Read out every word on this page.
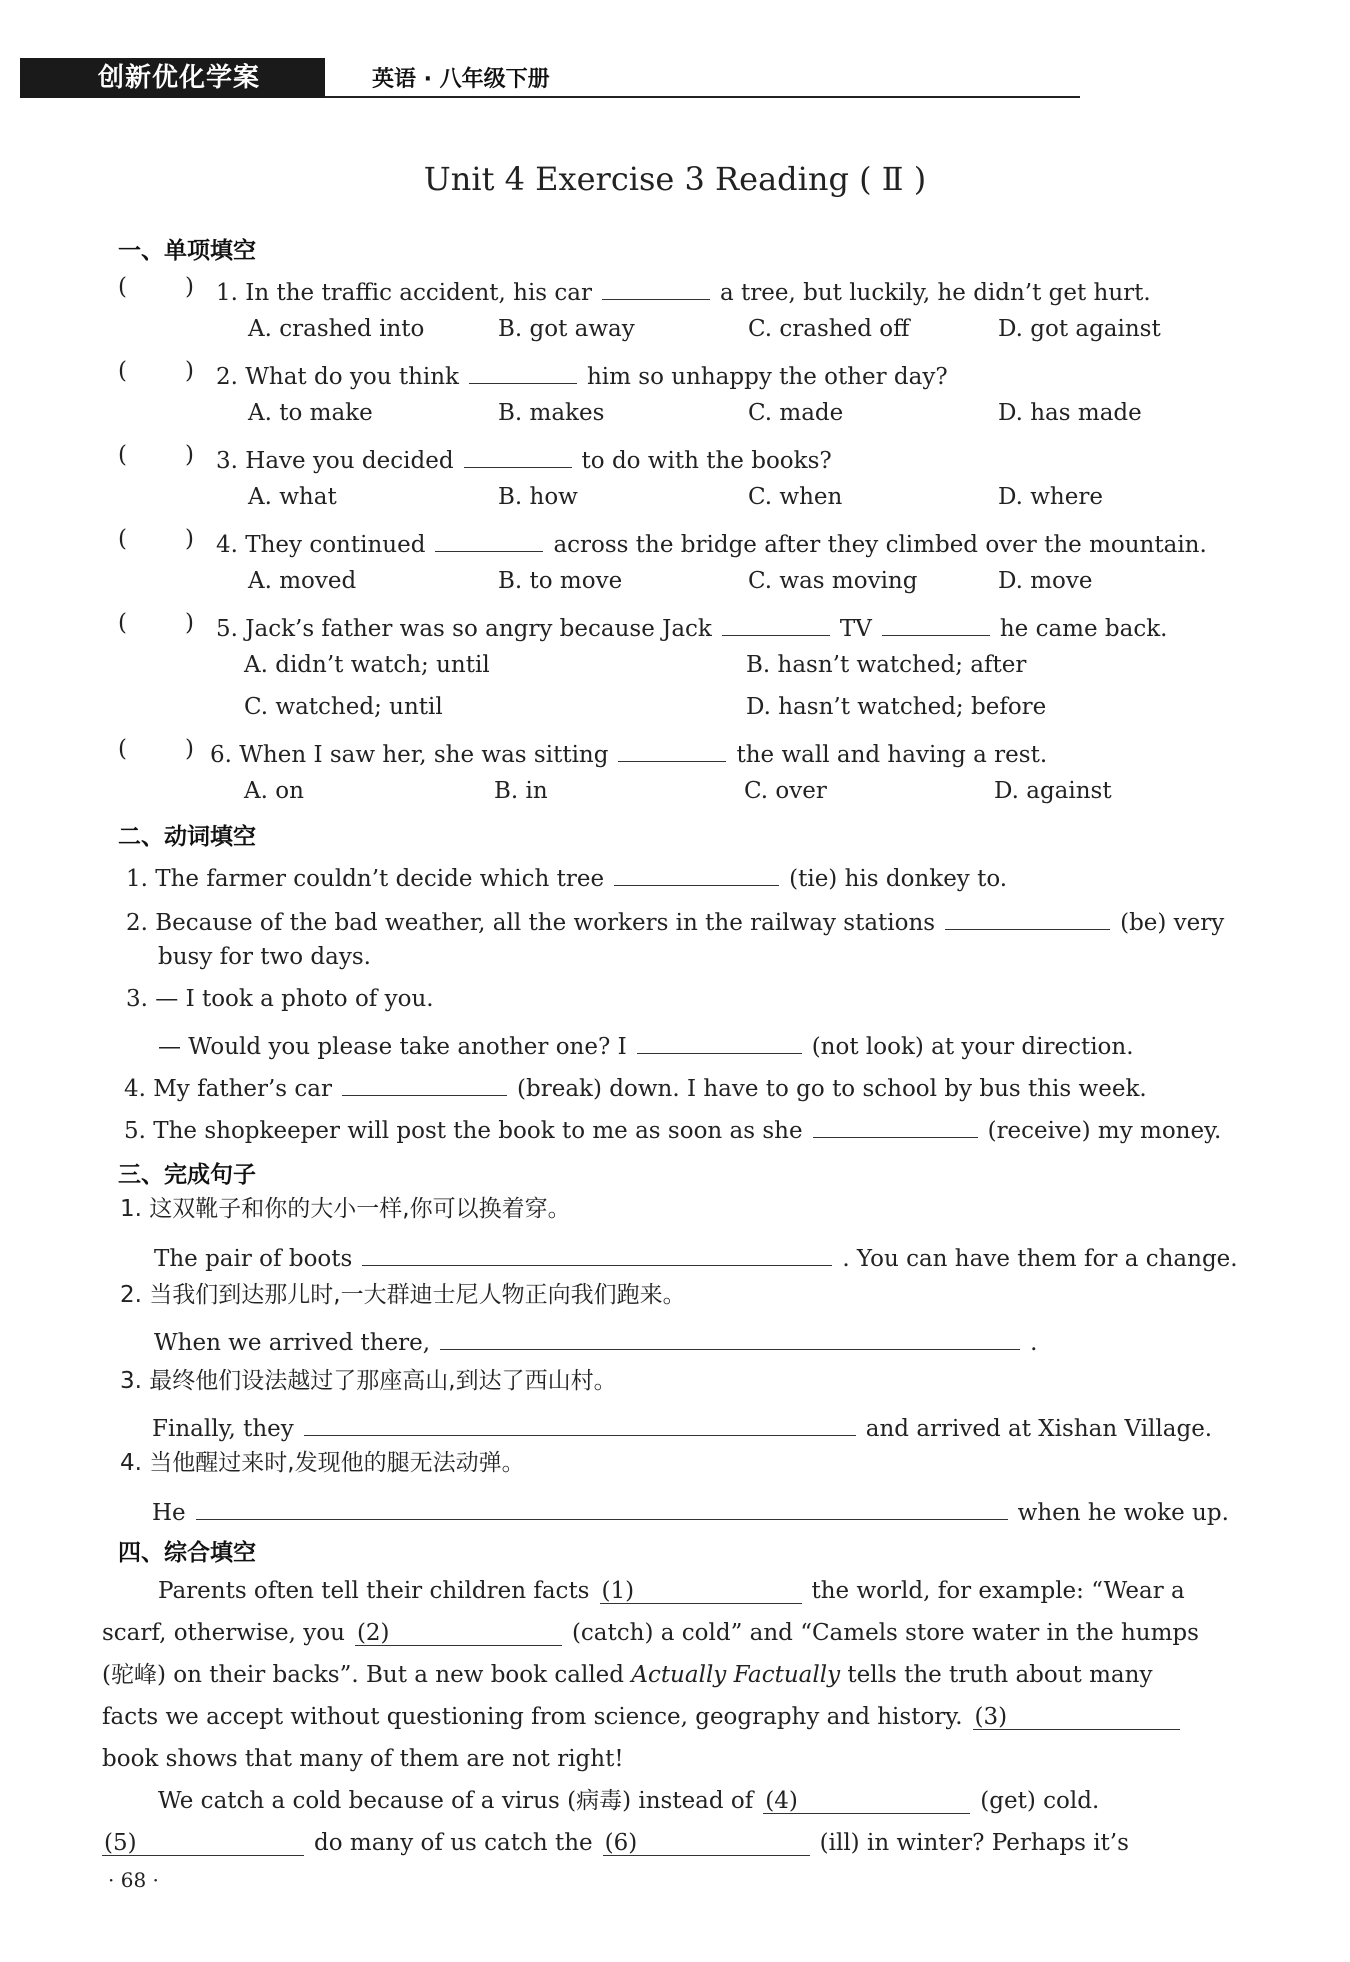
创新优化学案	英语 · 八年级下册
Unit 4 Exercise 3 Reading ( Ⅱ )
一、单项填空
(	) 1. In the traffic accident, his car	a tree, but luckily, he didn’t get hurt.
A. crashed into	B. got away	C. crashed off	D. got against
(	) 2. What do you think	him so unhappy the other day?
A. to make	B. makes	C. made	D. has made
(	) 3. Have you decided	to do with the books?
A. what	B. how	C. when	D. where
(	) 4. They continued	across the bridge after they climbed over the mountain.
A. moved	B. to move	C. was moving	D. move
(	) 5. Jack’s father was so angry because Jack	TV	he came back.
A. didn’t watch; until	B. hasn’t watched; after
C. watched; until	D. hasn’t watched; before
(	) 6. When I saw her, she was sitting	the wall and having a rest.
A. on	B. in	C. over	D. against
二、动词填空
1. The farmer couldn’t decide which tree	(tie) his donkey to.
2. Because of the bad weather, all the workers in the railway stations	(be) very
busy for two days.
3. — I took a photo of you.
— Would you please take another one? I	(not look) at your direction.
4. My father’s car	(break) down. I have to go to school by bus this week.
5. The shopkeeper will post the book to me as soon as she	(receive) my money.
三、完成句子
1. 这双靴子和你的大小一样,你可以换着穿。
The pair of boots	. You can have them for a change.
2. 当我们到达那儿时,一大群迪士尼人物正向我们跑来。
When we arrived there,	.
3. 最终他们设法越过了那座高山,到达了西山村。
Finally, they	and arrived at Xishan Village.
4. 当他醒过来时,发现他的腿无法动弹。
He	when he woke up.
四、综合填空
Parents often tell their children facts (1)	the world, for example: “Wear a
scarf, otherwise, you (2)	(catch) a cold” and “Camels store water in the humps
(驼峰) on their backs”. But a new book called Actually Factually tells the truth about many
facts we accept without questioning from science, geography and history. (3)
book shows that many of them are not right!
We catch a cold because of a virus (病毒) instead of (4)	(get) cold.
(5)	do many of us catch the (6)	(ill) in winter? Perhaps it’s
· 68 ·
